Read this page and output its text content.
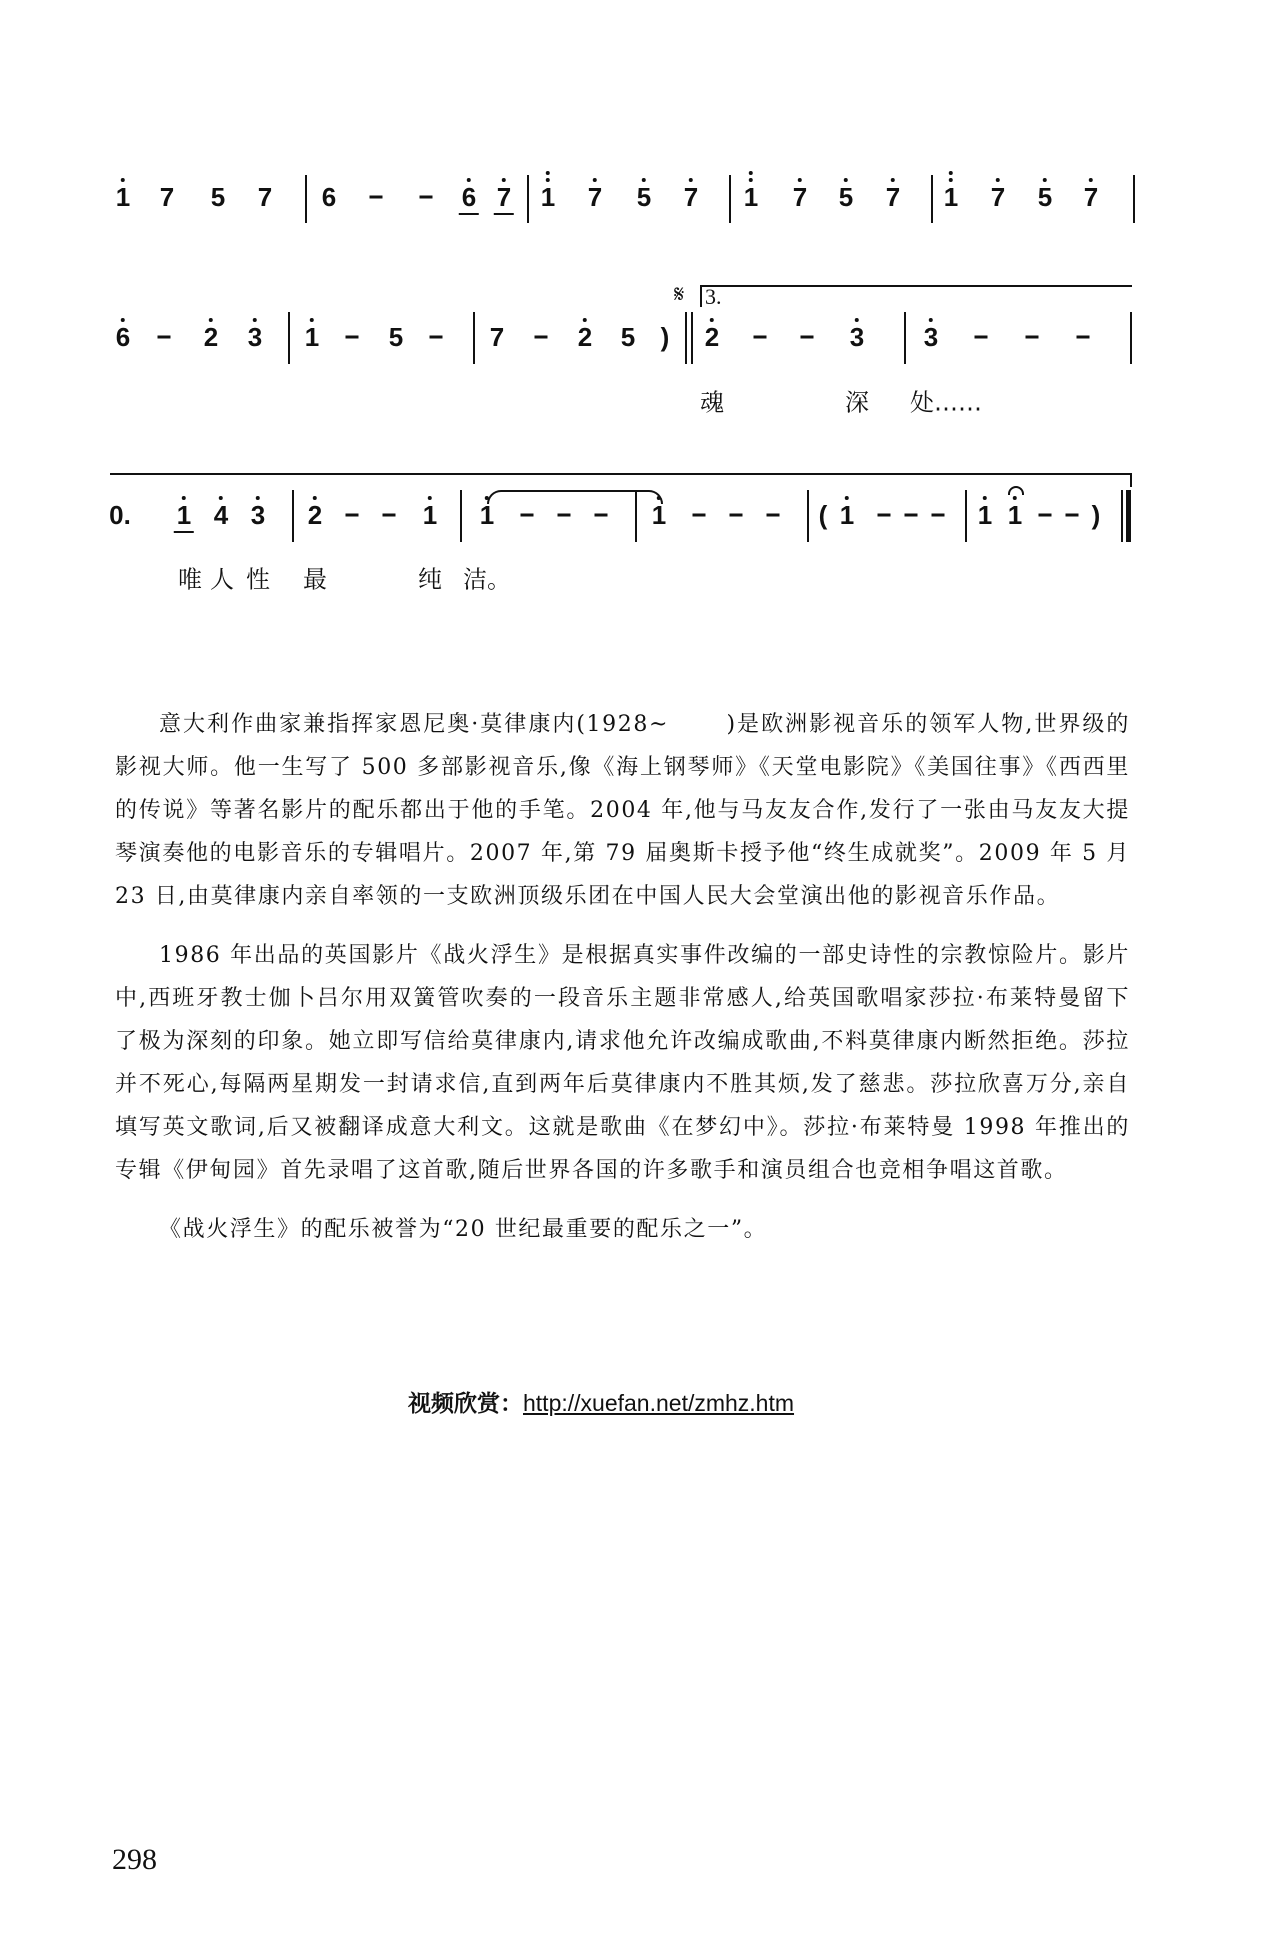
1 7 5 7 6	6 7 1 7 5 7 1 7 5 7 1 7 5 7
𝄋 3.
6	2 3 1	5	7	2 5 ) 2	3 3
魂	深 处……
0. 1 4 3 2	1 1	1	( 1	1 1	)
唯 人 性 最	纯 洁。

意大利作曲家兼指挥家恩尼奥·莫律康内(1928~　　 )是欧洲影视音乐的领军人物,世界级的影视大师。他一生写了 500 多部影视音乐,像《海上钢琴师》《天堂电影院》《美国往事》《西西里的传说》等著名影片的配乐都出于他的手笔。2004 年,他与马友友合作,发行了一张由马友友大提琴演奏他的电影音乐的专辑唱片。2007 年,第 79 届奥斯卡授予他“终生成就奖”。2009 年 5 月 23 日,由莫律康内亲自率领的一支欧洲顶级乐团在中国人民大会堂演出他的影视音乐作品。

1986 年出品的英国影片《战火浮生》是根据真实事件改编的一部史诗性的宗教惊险片。影片中,西班牙教士伽卜吕尔用双簧管吹奏的一段音乐主题非常感人,给英国歌唱家莎拉·布莱特曼留下了极为深刻的印象。她立即写信给莫律康内,请求他允许改编成歌曲,不料莫律康内断然拒绝。莎拉并不死心,每隔两星期发一封请求信,直到两年后莫律康内不胜其烦,发了慈悲。莎拉欣喜万分,亲自填写英文歌词,后又被翻译成意大利文。这就是歌曲《在梦幻中》。莎拉·布莱特曼 1998 年推出的专辑《伊甸园》首先录唱了这首歌,随后世界各国的许多歌手和演员组合也竞相争唱这首歌。

《战火浮生》的配乐被誉为“20 世纪最重要的配乐之一”。

视频欣赏：http://xuefan.net/zmhz.htm
298
